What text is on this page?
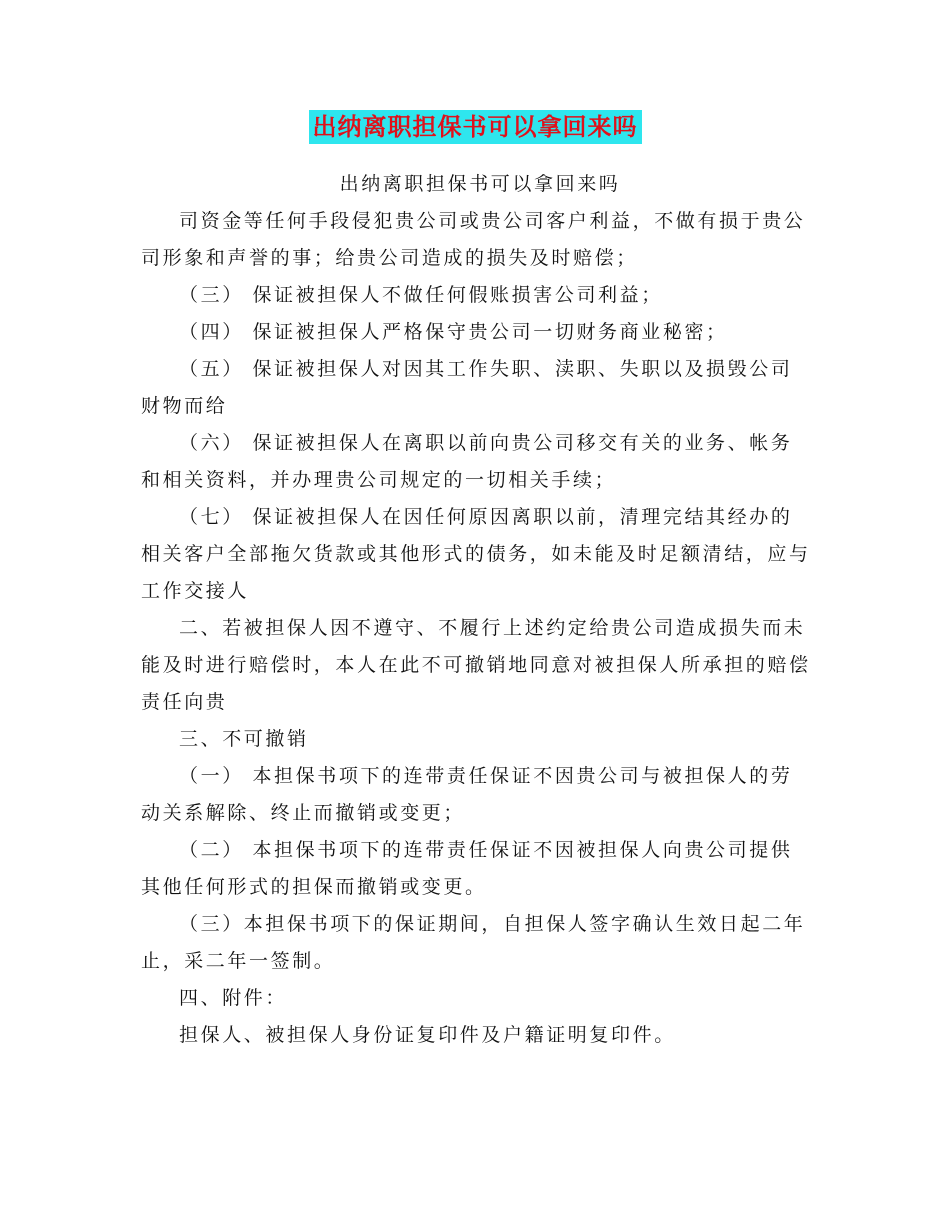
出纳离职担保书可以拿回来吗

出纳离职担保书可以拿回来吗

司资金等任何手段侵犯贵公司或贵公司客户利益，不做有损于贵公司形象和声誉的事；给贵公司造成的损失及时赔偿；

（三） 保证被担保人不做任何假账损害公司利益；

（四） 保证被担保人严格保守贵公司一切财务商业秘密；

（五） 保证被担保人对因其工作失职、渎职、失职以及损毁公司财物而给

（六） 保证被担保人在离职以前向贵公司移交有关的业务、帐务和相关资料，并办理贵公司规定的一切相关手续；

（七） 保证被担保人在因任何原因离职以前，清理完结其经办的相关客户全部拖欠货款或其他形式的债务，如未能及时足额清结，应与工作交接人

二、若被担保人因不遵守、不履行上述约定给贵公司造成损失而未能及时进行赔偿时，本人在此不可撤销地同意对被担保人所承担的赔偿责任向贵

三、不可撤销

（一） 本担保书项下的连带责任保证不因贵公司与被担保人的劳动关系解除、终止而撤销或变更；

（二） 本担保书项下的连带责任保证不因被担保人向贵公司提供其他任何形式的担保而撤销或变更。

（三）本担保书项下的保证期间，自担保人签字确认生效日起二年止，采二年一签制。

四、附件：

担保人、被担保人身份证复印件及户籍证明复印件。
